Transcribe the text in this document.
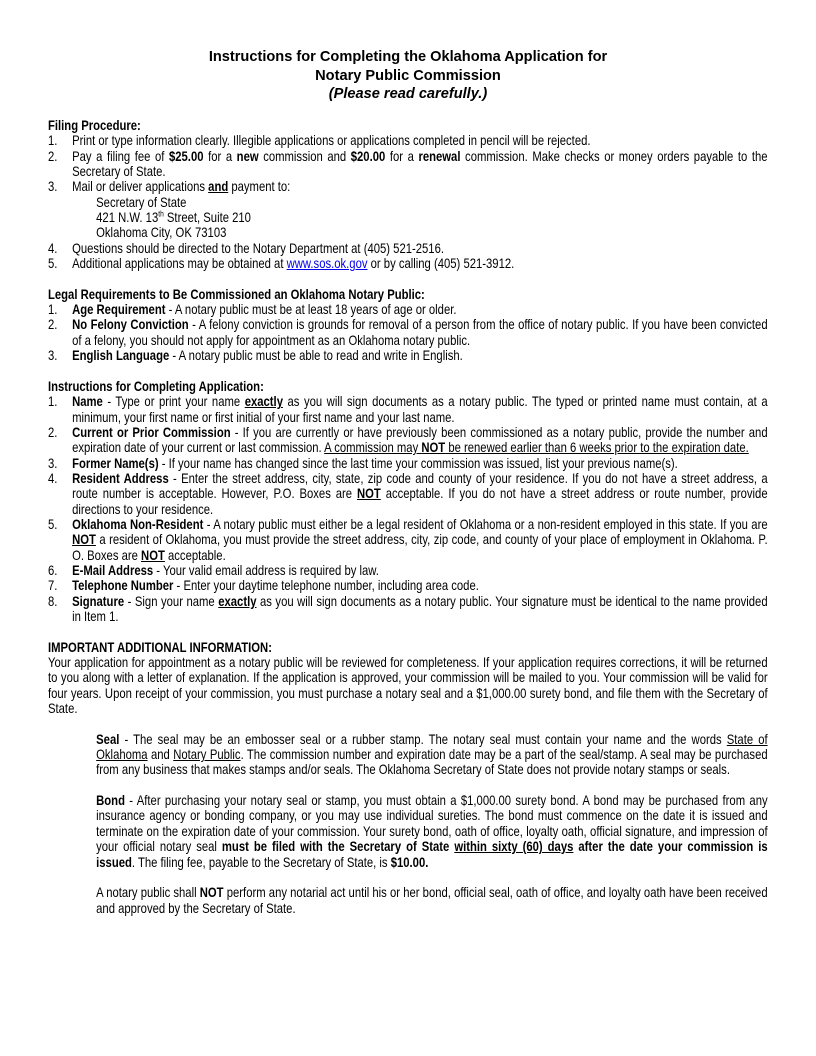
Instructions for Completing the Oklahoma Application for
Notary Public Commission
(Please read carefully.)
Filing Procedure:
1. Print or type information clearly. Illegible applications or applications completed in pencil will be rejected.
2. Pay a filing fee of $25.00 for a new commission and $20.00 for a renewal commission. Make checks or money orders payable to the Secretary of State.
3. Mail or deliver applications and payment to:
Secretary of State
421 N.W. 13th Street, Suite 210
Oklahoma City, OK 73103
4. Questions should be directed to the Notary Department at (405) 521-2516.
5. Additional applications may be obtained at www.sos.ok.gov or by calling (405) 521-3912.
Legal Requirements to Be Commissioned an Oklahoma Notary Public:
1. Age Requirement - A notary public must be at least 18 years of age or older.
2. No Felony Conviction - A felony conviction is grounds for removal of a person from the office of notary public. If you have been convicted of a felony, you should not apply for appointment as an Oklahoma notary public.
3. English Language - A notary public must be able to read and write in English.
Instructions for Completing Application:
1. Name - Type or print your name exactly as you will sign documents as a notary public. The typed or printed name must contain, at a minimum, your first name or first initial of your first name and your last name.
2. Current or Prior Commission - If you are currently or have previously been commissioned as a notary public, provide the number and expiration date of your current or last commission. A commission may NOT be renewed earlier than 6 weeks prior to the expiration date.
3. Former Name(s) - If your name has changed since the last time your commission was issued, list your previous name(s).
4. Resident Address - Enter the street address, city, state, zip code and county of your residence. If you do not have a street address, a route number is acceptable. However, P.O. Boxes are NOT acceptable. If you do not have a street address or route number, provide directions to your residence.
5. Oklahoma Non-Resident - A notary public must either be a legal resident of Oklahoma or a non-resident employed in this state. If you are NOT a resident of Oklahoma, you must provide the street address, city, zip code, and county of your place of employment in Oklahoma. P. O. Boxes are NOT acceptable.
6. E-Mail Address - Your valid email address is required by law.
7. Telephone Number - Enter your daytime telephone number, including area code.
8. Signature - Sign your name exactly as you will sign documents as a notary public. Your signature must be identical to the name provided in Item 1.
IMPORTANT ADDITIONAL INFORMATION:
Your application for appointment as a notary public will be reviewed for completeness. If your application requires corrections, it will be returned to you along with a letter of explanation. If the application is approved, your commission will be mailed to you. Your commission will be valid for four years. Upon receipt of your commission, you must purchase a notary seal and a $1,000.00 surety bond, and file them with the Secretary of State.
Seal - The seal may be an embosser seal or a rubber stamp. The notary seal must contain your name and the words State of Oklahoma and Notary Public. The commission number and expiration date may be a part of the seal/stamp. A seal may be purchased from any business that makes stamps and/or seals. The Oklahoma Secretary of State does not provide notary stamps or seals.
Bond - After purchasing your notary seal or stamp, you must obtain a $1,000.00 surety bond. A bond may be purchased from any insurance agency or bonding company, or you may use individual sureties. The bond must commence on the date it is issued and terminate on the expiration date of your commission. Your surety bond, oath of office, loyalty oath, official signature, and impression of your official notary seal must be filed with the Secretary of State within sixty (60) days after the date your commission is issued. The filing fee, payable to the Secretary of State, is $10.00.
A notary public shall NOT perform any notarial act until his or her bond, official seal, oath of office, and loyalty oath have been received and approved by the Secretary of State.
